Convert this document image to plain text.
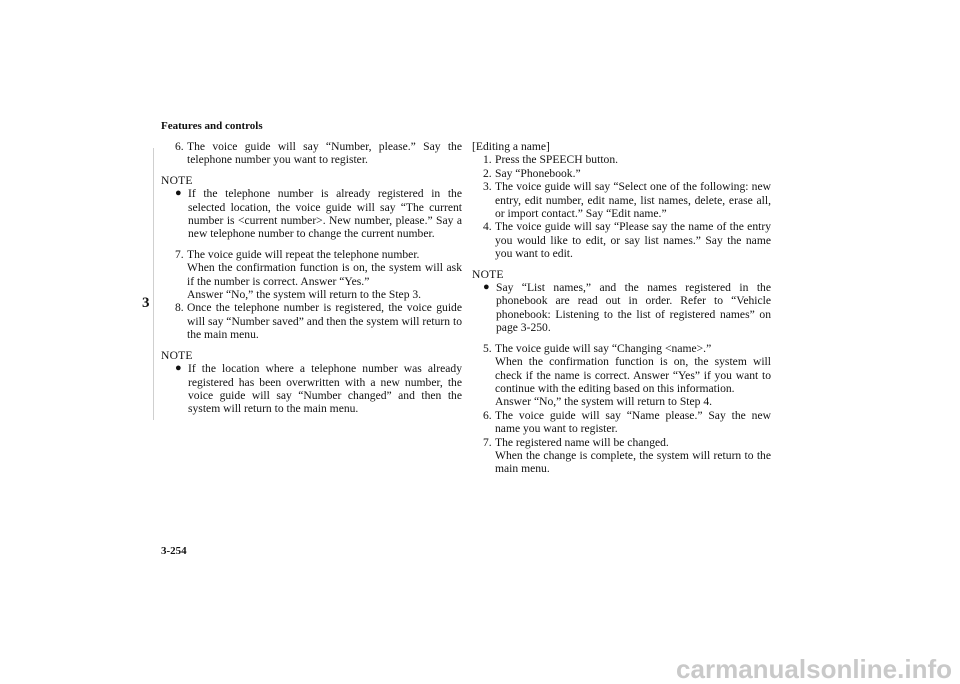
Features and controls
3
6. The voice guide will say “Number, please.” Say the telephone number you want to register.
NOTE
● If the telephone number is already registered in the selected location, the voice guide will say “The current number is <current number>. New number, please.” Say a new telephone number to change the current number.
7. The voice guide will repeat the telephone number.

When the confirmation function is on, the system will ask if the number is correct. Answer “Yes.”

Answer “No,” the system will return to the Step 3.

8. Once the telephone number is registered, the voice guide will say “Number saved” and then the system will return to the main menu.
NOTE
● If the location where a telephone number was already registered has been overwritten with a new number, the voice guide will say “Number changed” and then the system will return to the main menu.
[Editing a name]
1. Press the SPEECH button.
2. Say “Phonebook.”
3. The voice guide will say “Select one of the following: new entry, edit number, edit name, list names, delete, erase all, or import contact.” Say “Edit name.”
4. The voice guide will say “Please say the name of the entry you would like to edit, or say list names.” Say the name you want to edit.
NOTE
● Say “List names,” and the names registered in the phonebook are read out in order. Refer to “Vehicle phonebook: Listening to the list of registered names” on page 3-250.
5. The voice guide will say “Changing <name>.”

When the confirmation function is on, the system will check if the name is correct. Answer “Yes” if you want to continue with the editing based on this information.

Answer “No,” the system will return to Step 4.

6. The voice guide will say “Name please.” Say the new name you want to register.
7. The registered name will be changed.

When the change is complete, the system will return to the main menu.

3-254
carmanualsonline.info
